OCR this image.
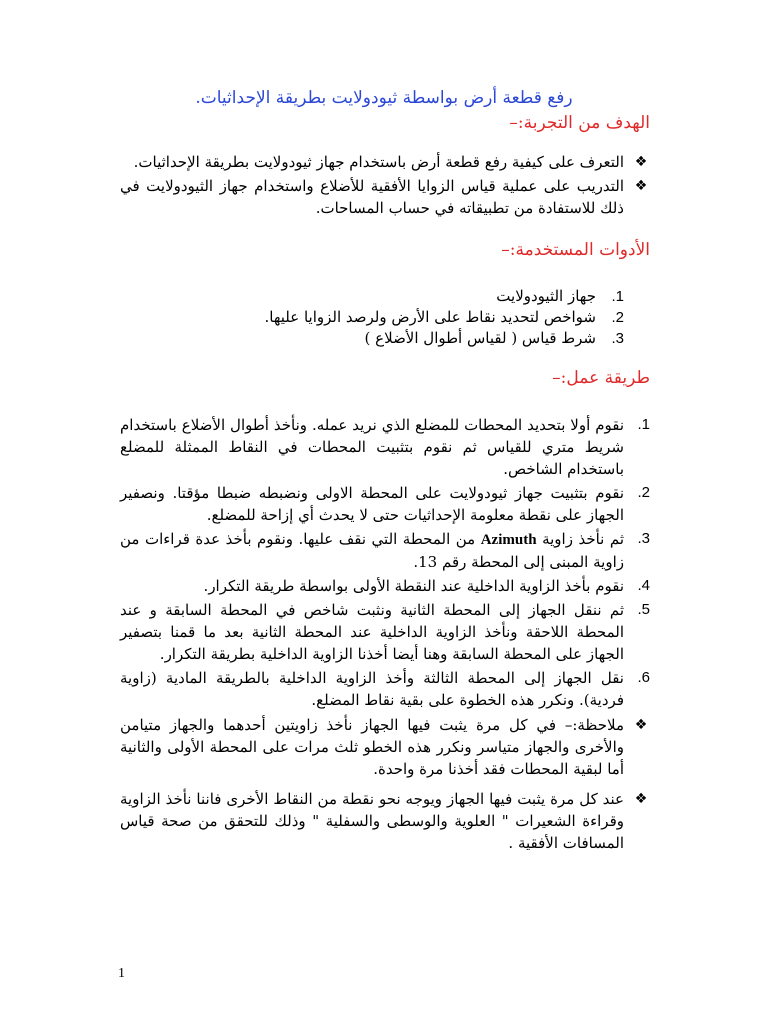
رفع قطعة أرض بواسطة ثيودولايت بطريقة الإحداثيات.
الهدف من التجربة:–
❖
التعرف على كيفية رفع قطعة أرض باستخدام جهاز ثيودولايت بطريقة الإحداثيات.
❖
التدريب على عملية قياس الزوايا الأفقية للأضلاع واستخدام جهاز الثيودولايت في ذلك للاستفادة من تطبيقاته في حساب المساحات.
الأدوات المستخدمة:–
1.
جهاز الثيودولايت
2.
شواخص لتحديد نقاط على الأرض ولرصد الزوايا عليها.
3.
شرط قياس ( لقياس أطوال الأضلاع )
طريقة عمل:–
1.
نقوم أولا بتحديد المحطات للمضلع الذي نريد عمله. ونأخذ أطوال الأضلاع باستخدام شريط متري للقياس ثم نقوم بتثبيت المحطات في النقاط الممثلة للمضلع باستخدام الشاخص.
2.
نقوم بتثبيت جهاز ثيودولايت على المحطة الاولى ونضبطه ضبطا مؤقتا. ونصفير الجهاز على نقطة معلومة الإحداثيات حتى لا يحدث أي إزاحة للمضلع.
3.
ثم نأخذ زاوية Azimuth من المحطة التي نقف عليها. ونقوم بأخذ عدة قراءات من زاوية المبنى إلى المحطة رقم 13.
4.
نقوم بأخذ الزاوية الداخلية عند النقطة الأولى بواسطة طريقة التكرار.
5.
ثم ننقل الجهاز إلى المحطة الثانية ونثبت شاخص في المحطة السابقة و عند المحطة اللاحقة ونأخذ الزاوية الداخلية عند المحطة الثانية بعد ما قمنا بتصفير الجهاز على المحطة السابقة وهنا أيضا أخذنا الزاوية الداخلية بطريقة التكرار.
6.
نقل الجهاز إلى المحطة الثالثة وأخذ الزاوية الداخلية بالطريقة المادية (زاوية فردية). ونكرر هذه الخطوة على بقية نقاط المضلع.
❖
ملاحظة:– في كل مرة يثبت فيها الجهاز نأخذ زاويتين أحدهما والجهاز متيامن والأخرى والجهاز متياسر ونكرر هذه الخطو ثلث مرات على المحطة الأولى والثانية أما لبقية المحطات فقد أخذنا مرة واحدة.
❖
عند كل مرة يثبت فيها الجهاز ويوجه نحو نقطة من النقاط الأخرى فاننا نأخذ الزاوية وقراءة الشعيرات " العلوية والوسطى والسفلية " وذلك للتحقق من صحة قياس المسافات الأفقية .
1
